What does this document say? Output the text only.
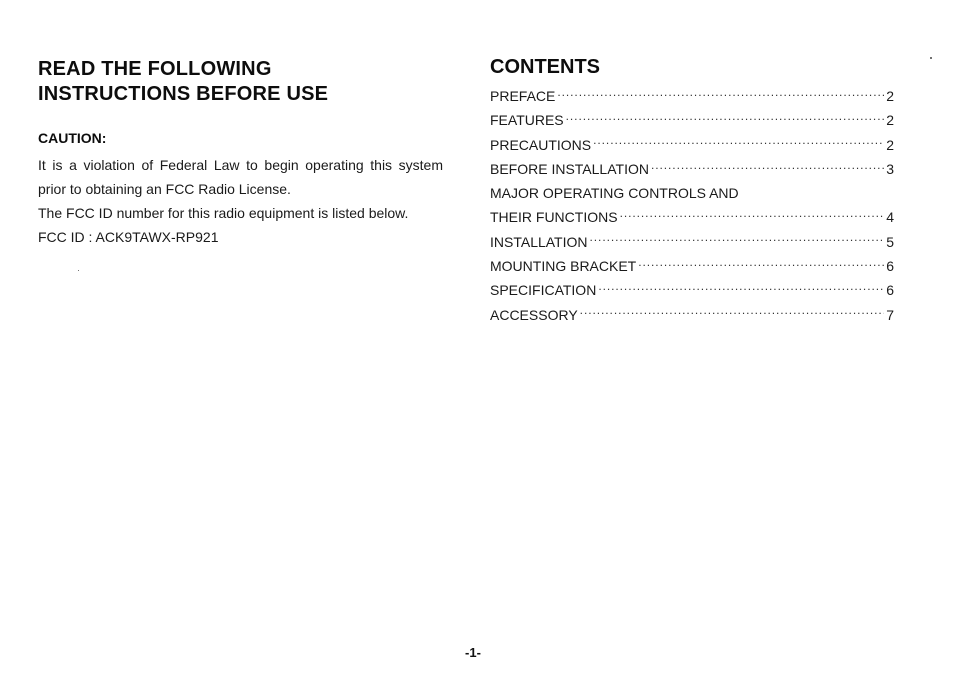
READ THE FOLLOWING
INSTRUCTIONS BEFORE USE
CAUTION:

It is a violation of Federal Law to begin operating this system prior to obtaining an FCC Radio License.

The FCC ID number for this radio equipment is listed below.

FCC ID : ACK9TAWX-RP921

CONTENTS
PREFACE . . .	2
FEATURES . . .	2
PRECAUTIONS . . .	2
BEFORE INSTALLATION . . .	3
MAJOR OPERATING CONTROLS AND
THEIR FUNCTIONS . . .	4
INSTALLATION . . .	5
MOUNTING BRACKET . . .	6
SPECIFICATION . . .	6
ACCESSORY . . .	7
-1-
